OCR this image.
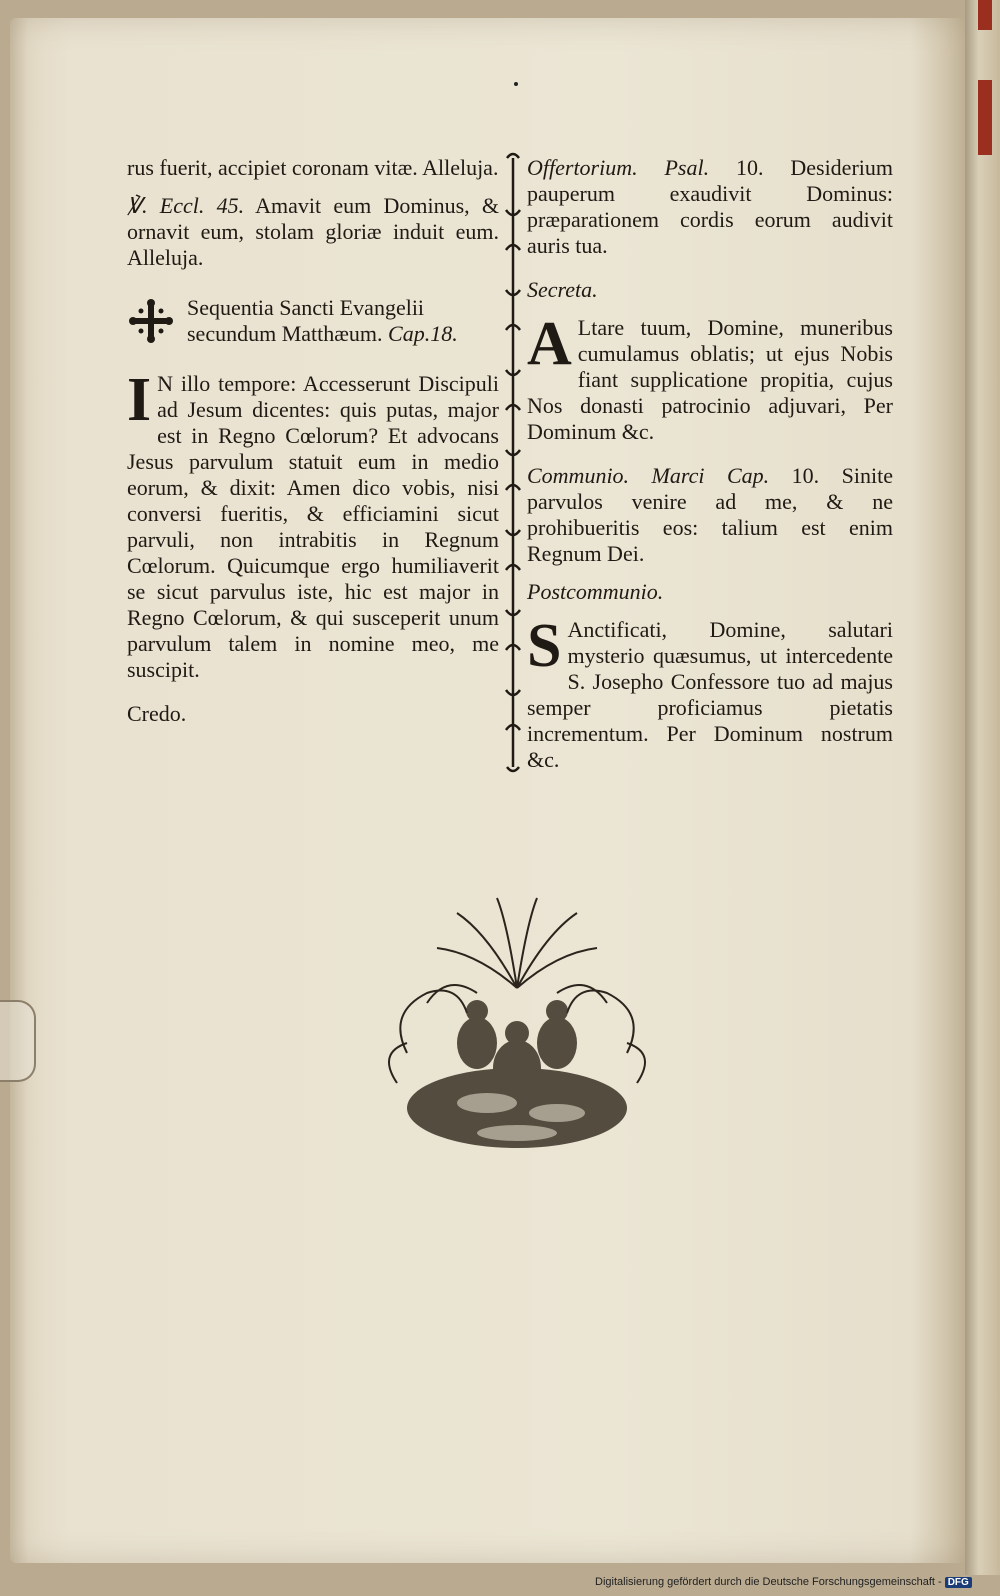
rus fuerit, accipiet coronam vitæ. Alleluja.

℣. Eccl. 45. Amavit eum Dominus, & ornavit eum, stolam gloriæ induit eum. Alleluja.

Sequentia Sancti Evangelii
secundum Matthæum. Cap.18.

I N illo tempore: Accesserunt Discipuli ad Jesum dicentes: quis putas, major est in Regno Cœlorum? Et advocans Jesus parvulum statuit eum in medio eorum, & dixit: Amen dico vobis, nisi conversi fueritis, & efficiamini sicut parvuli, non intrabitis in Regnum Cœlorum. Quicumque ergo humiliaverit se sicut parvulus iste, hic est major in Regno Cœlorum, & qui susceperit unum parvulum talem in nomine meo, me suscipit.

Credo.

Offertorium. Psal. 10. Desiderium pauperum exaudivit Dominus: præparationem cordis eorum audivit auris tua.

Secreta.

A Ltare tuum, Domine, muneribus cumulamus oblatis; ut ejus Nobis fiant supplicatione propitia, cujus Nos donasti patrocinio adjuvari, Per Dominum &c.

Communio. Marci Cap. 10. Sinite parvulos venire ad me, & ne prohibueritis eos: talium est enim Regnum Dei.

Postcommunio.

S Anctificati, Domine, salutari mysterio quæsumus, ut intercedente S. Josepho Confessore tuo ad majus semper proficiamus pietatis incrementum. Per Dominum nostrum &c.

Digitalisierung gefördert durch die Deutsche Forschungsgemeinschaft - DFG
